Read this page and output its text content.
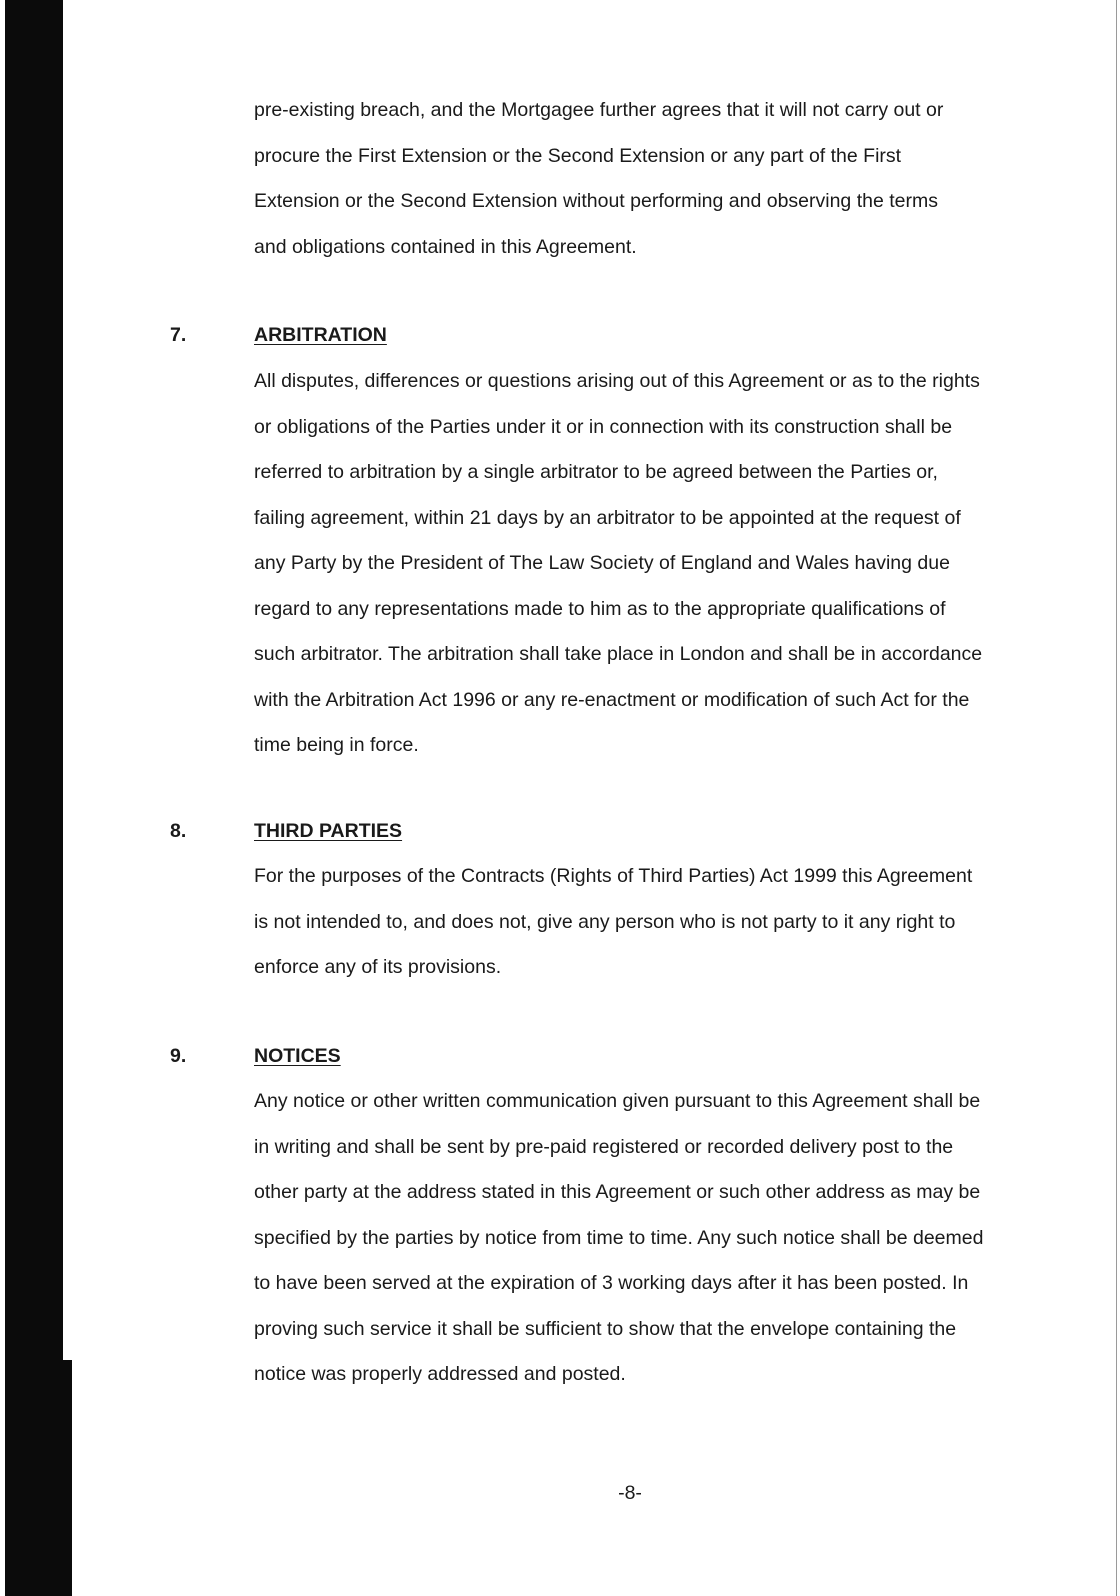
pre-existing breach, and the Mortgagee further agrees that it will not carry out or
procure the First Extension or the Second Extension or any part of the First
Extension or the Second Extension without performing and observing the terms
and obligations contained in this Agreement.
7.	ARBITRATION
All disputes, differences or questions arising out of this Agreement or as to the rights
or obligations of the Parties under it or in connection with its construction shall be
referred to arbitration by a single arbitrator to be agreed between the Parties or,
failing agreement, within 21 days by an arbitrator to be appointed at the request of
any Party by the President of The Law Society of England and Wales having due
regard to any representations made to him as to the appropriate qualifications of
such arbitrator. The arbitration shall take place in London and shall be in accordance
with the Arbitration Act 1996 or any re-enactment or modification of such Act for the
time being in force.
8.	THIRD PARTIES
For the purposes of the Contracts (Rights of Third Parties) Act 1999 this Agreement
is not intended to, and does not, give any person who is not party to it any right to
enforce any of its provisions.
9.	NOTICES
Any notice or other written communication given pursuant to this Agreement shall be
in writing and shall be sent by pre-paid registered or recorded delivery post to the
other party at the address stated in this Agreement or such other address as may be
specified by the parties by notice from time to time. Any such notice shall be deemed
to have been served at the expiration of 3 working days after it has been posted. In
proving such service it shall be sufficient to show that the envelope containing the
notice was properly addressed and posted.
-8-
